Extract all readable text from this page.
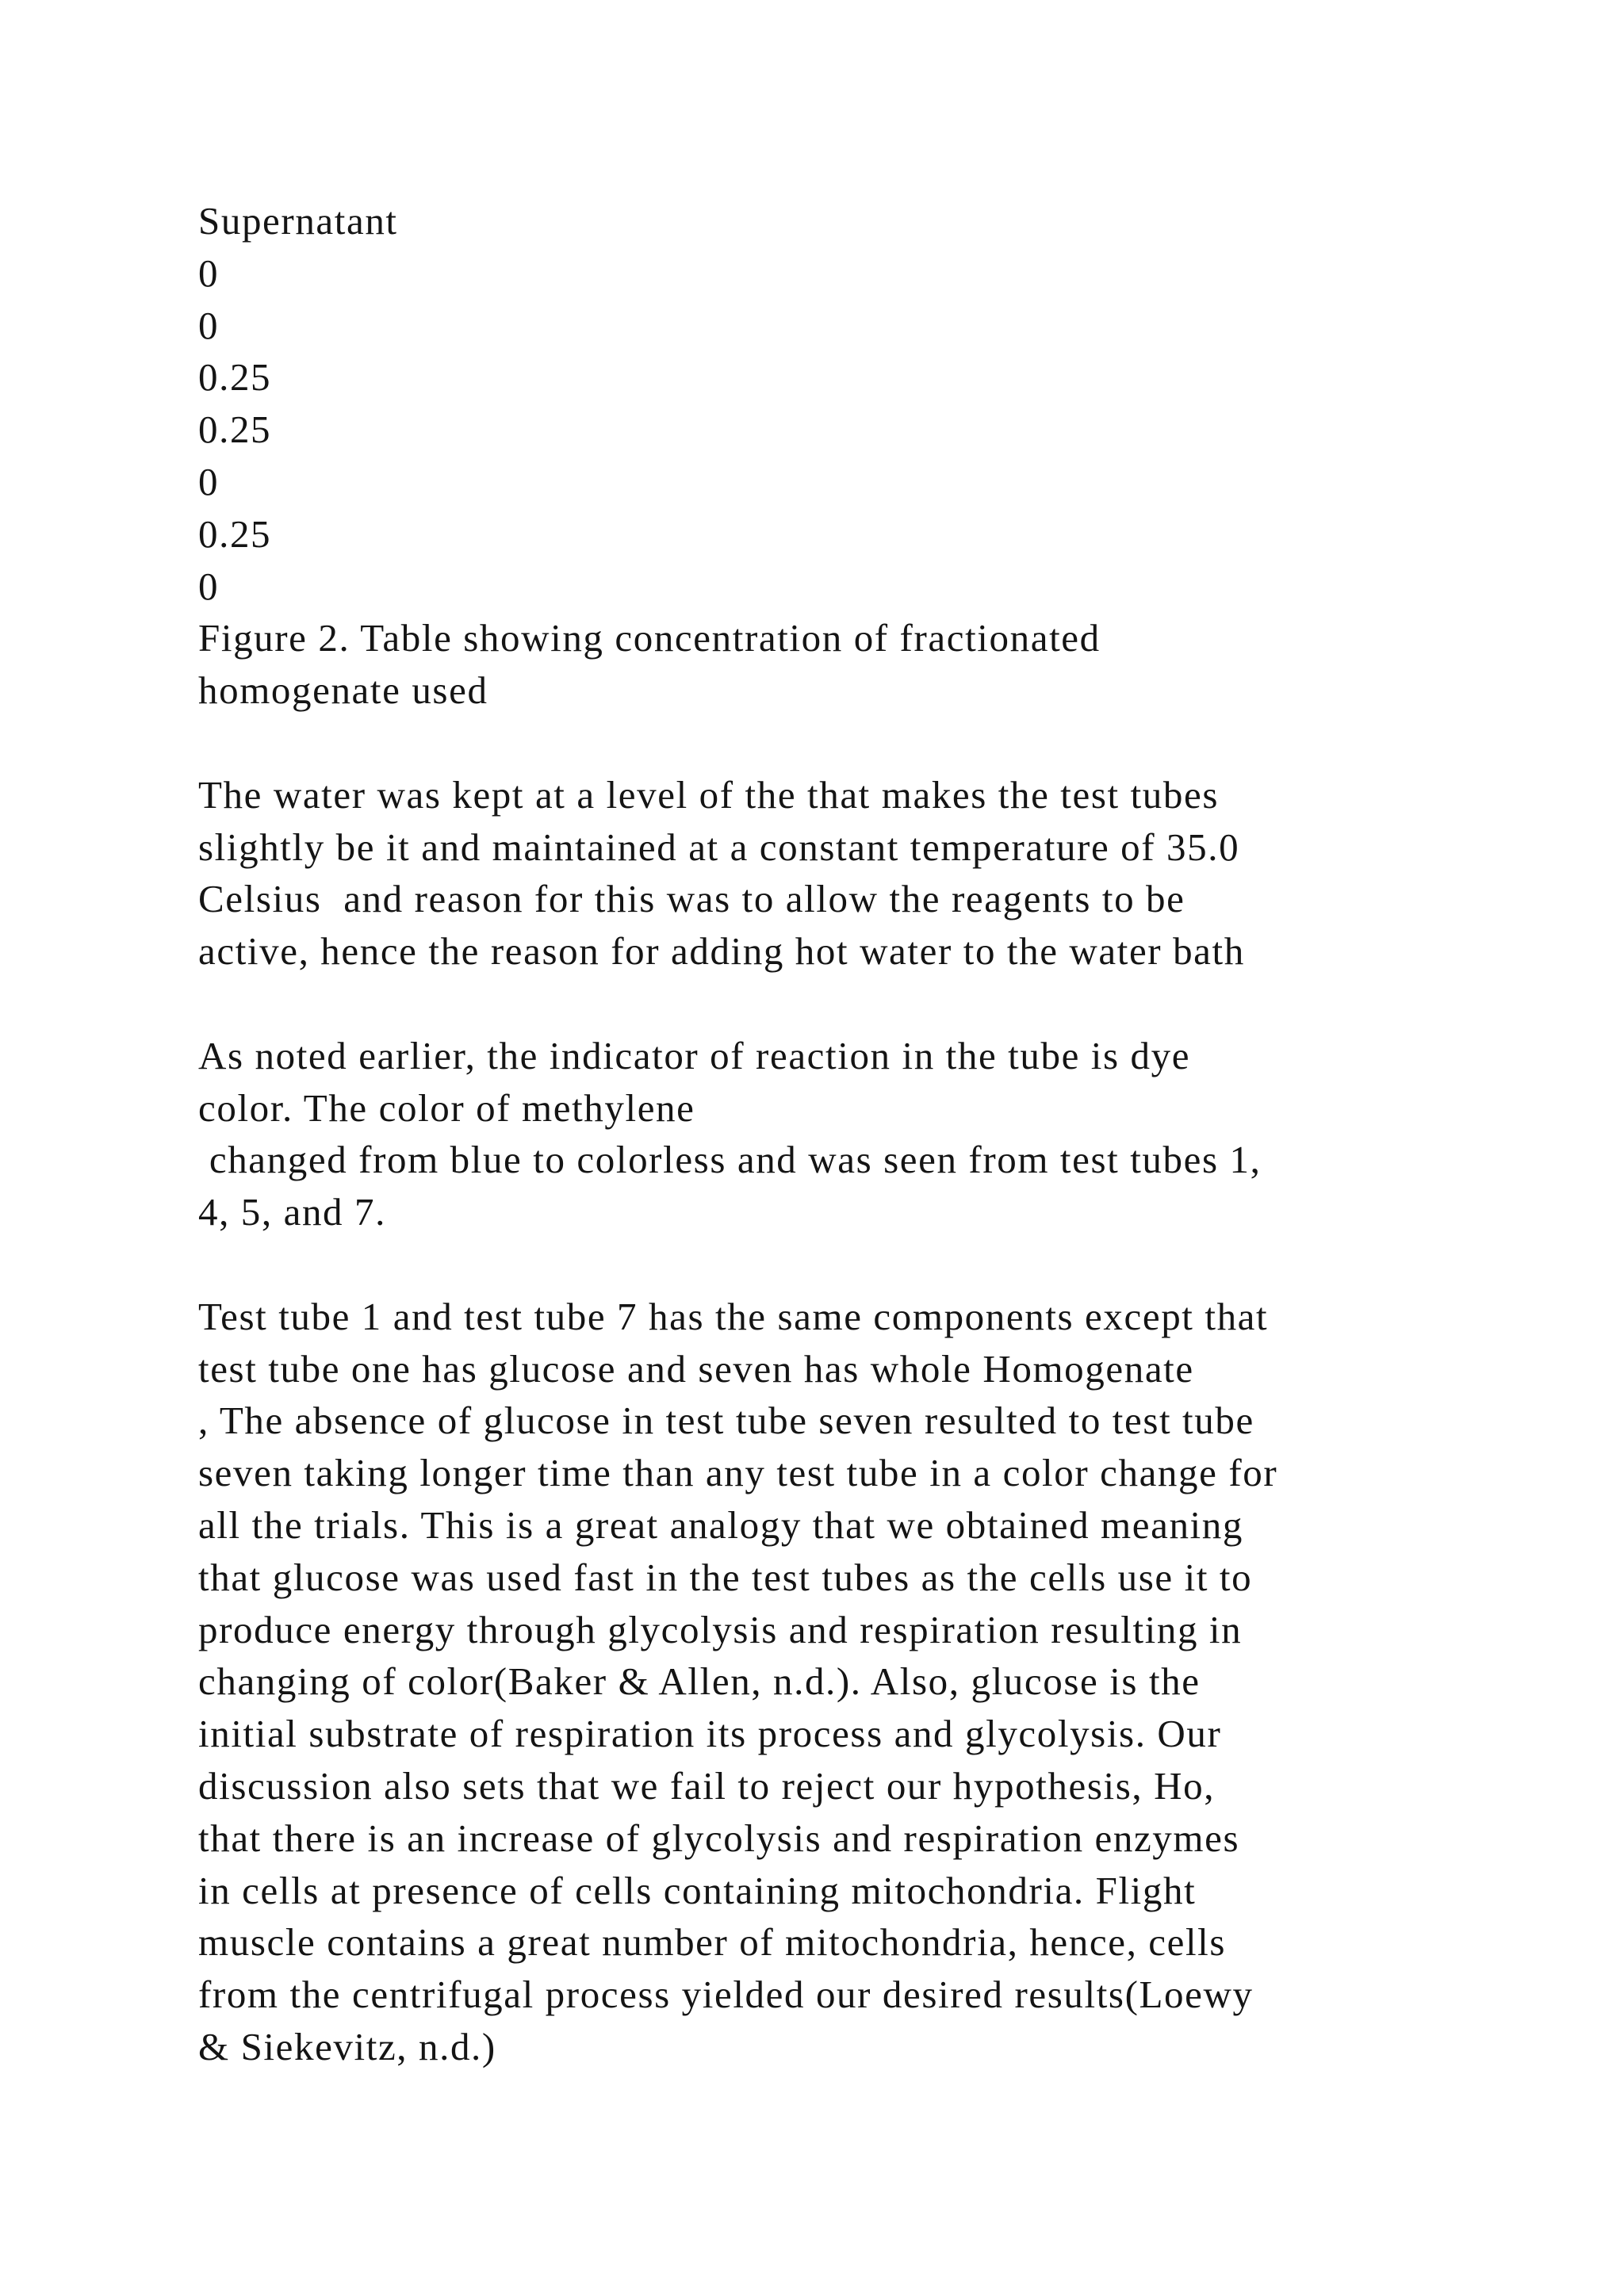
Supernatant
0
0
0.25
0.25
0
0.25
0
Figure 2. Table showing concentration of fractionated
homogenate used
The water was kept at a level of the that makes the test tubes
slightly be it and maintained at a constant temperature of 35.0
Celsius  and reason for this was to allow the reagents to be
active, hence the reason for adding hot water to the water bath
As noted earlier, the indicator of reaction in the tube is dye
color. The color of methylene
changed from blue to colorless and was seen from test tubes 1,
4, 5, and 7.
Test tube 1 and test tube 7 has the same components except that
test tube one has glucose and seven has whole Homogenate
, The absence of glucose in test tube seven resulted to test tube
seven taking longer time than any test tube in a color change for
all the trials. This is a great analogy that we obtained meaning
that glucose was used fast in the test tubes as the cells use it to
produce energy through glycolysis and respiration resulting in
changing of color(Baker & Allen, n.d.). Also, glucose is the
initial substrate of respiration its process and glycolysis. Our
discussion also sets that we fail to reject our hypothesis, Ho,
that there is an increase of glycolysis and respiration enzymes
in cells at presence of cells containing mitochondria. Flight
muscle contains a great number of mitochondria, hence, cells
from the centrifugal process yielded our desired results(Loewy
& Siekevitz, n.d.)
